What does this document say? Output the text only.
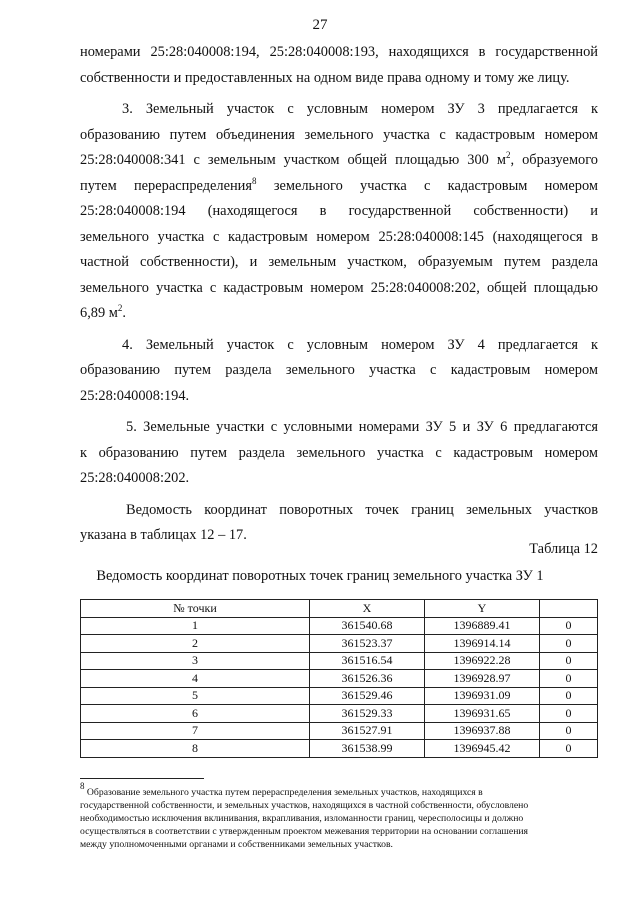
27
номерами 25:28:040008:194, 25:28:040008:193, находящихся в государственной
собственности и предоставленных на одном виде права одному и тому же лицу.
3. Земельный участок с условным номером ЗУ 3 предлагается к
образованию путем объединения земельного участка с кадастровым номером
25:28:040008:341 с земельным участком общей площадью 300 $м^2$, образуемого
путем перераспределения$^8$ земельного участка с кадастровым номером
25:28:040008:194 (находящегося в государственной собственности) и
земельного участка с кадастровым номером 25:28:040008:145 (находящегося в
частной собственности), и земельным участком, образуемым путем раздела
земельного участка с кадастровым номером 25:28:040008:202, общей площадью
6,89 $м^2$.
4. Земельный участок с условным номером ЗУ 4 предлагается к
образованию путем раздела земельного участка с кадастровым номером
25:28:040008:194.
5. Земельные участки с условными номерами ЗУ 5 и ЗУ 6 предлагаются
к образованию путем раздела земельного участка с кадастровым номером
25:28:040008:202.
Ведомость координат поворотных точек границ земельных участков
указана в таблицах 12 – 17.
Таблица 12
Ведомость координат поворотных точек границ земельного участка ЗУ 1
№ точки	X	Y	
1	361540.68	1396889.41	0
2	361523.37	1396914.14	0
3	361516.54	1396922.28	0
4	361526.36	1396928.97	0
5	361529.46	1396931.09	0
6	361529.33	1396931.65	0
7	361527.91	1396937.88	0
8	361538.99	1396945.42	0
$^8$ Образование земельного участка путем перераспределения земельных участков, находящихся в
государственной собственности, и земельных участков, находящихся в частной собственности, обусловлено
необходимостью исключения вклинивания, вкрапливания, изломанности границ, чересполосицы и должно
осуществляться в соответствии с утвержденным проектом межевания территории на основании соглашения
между уполномоченными органами и собственниками земельных участков.
